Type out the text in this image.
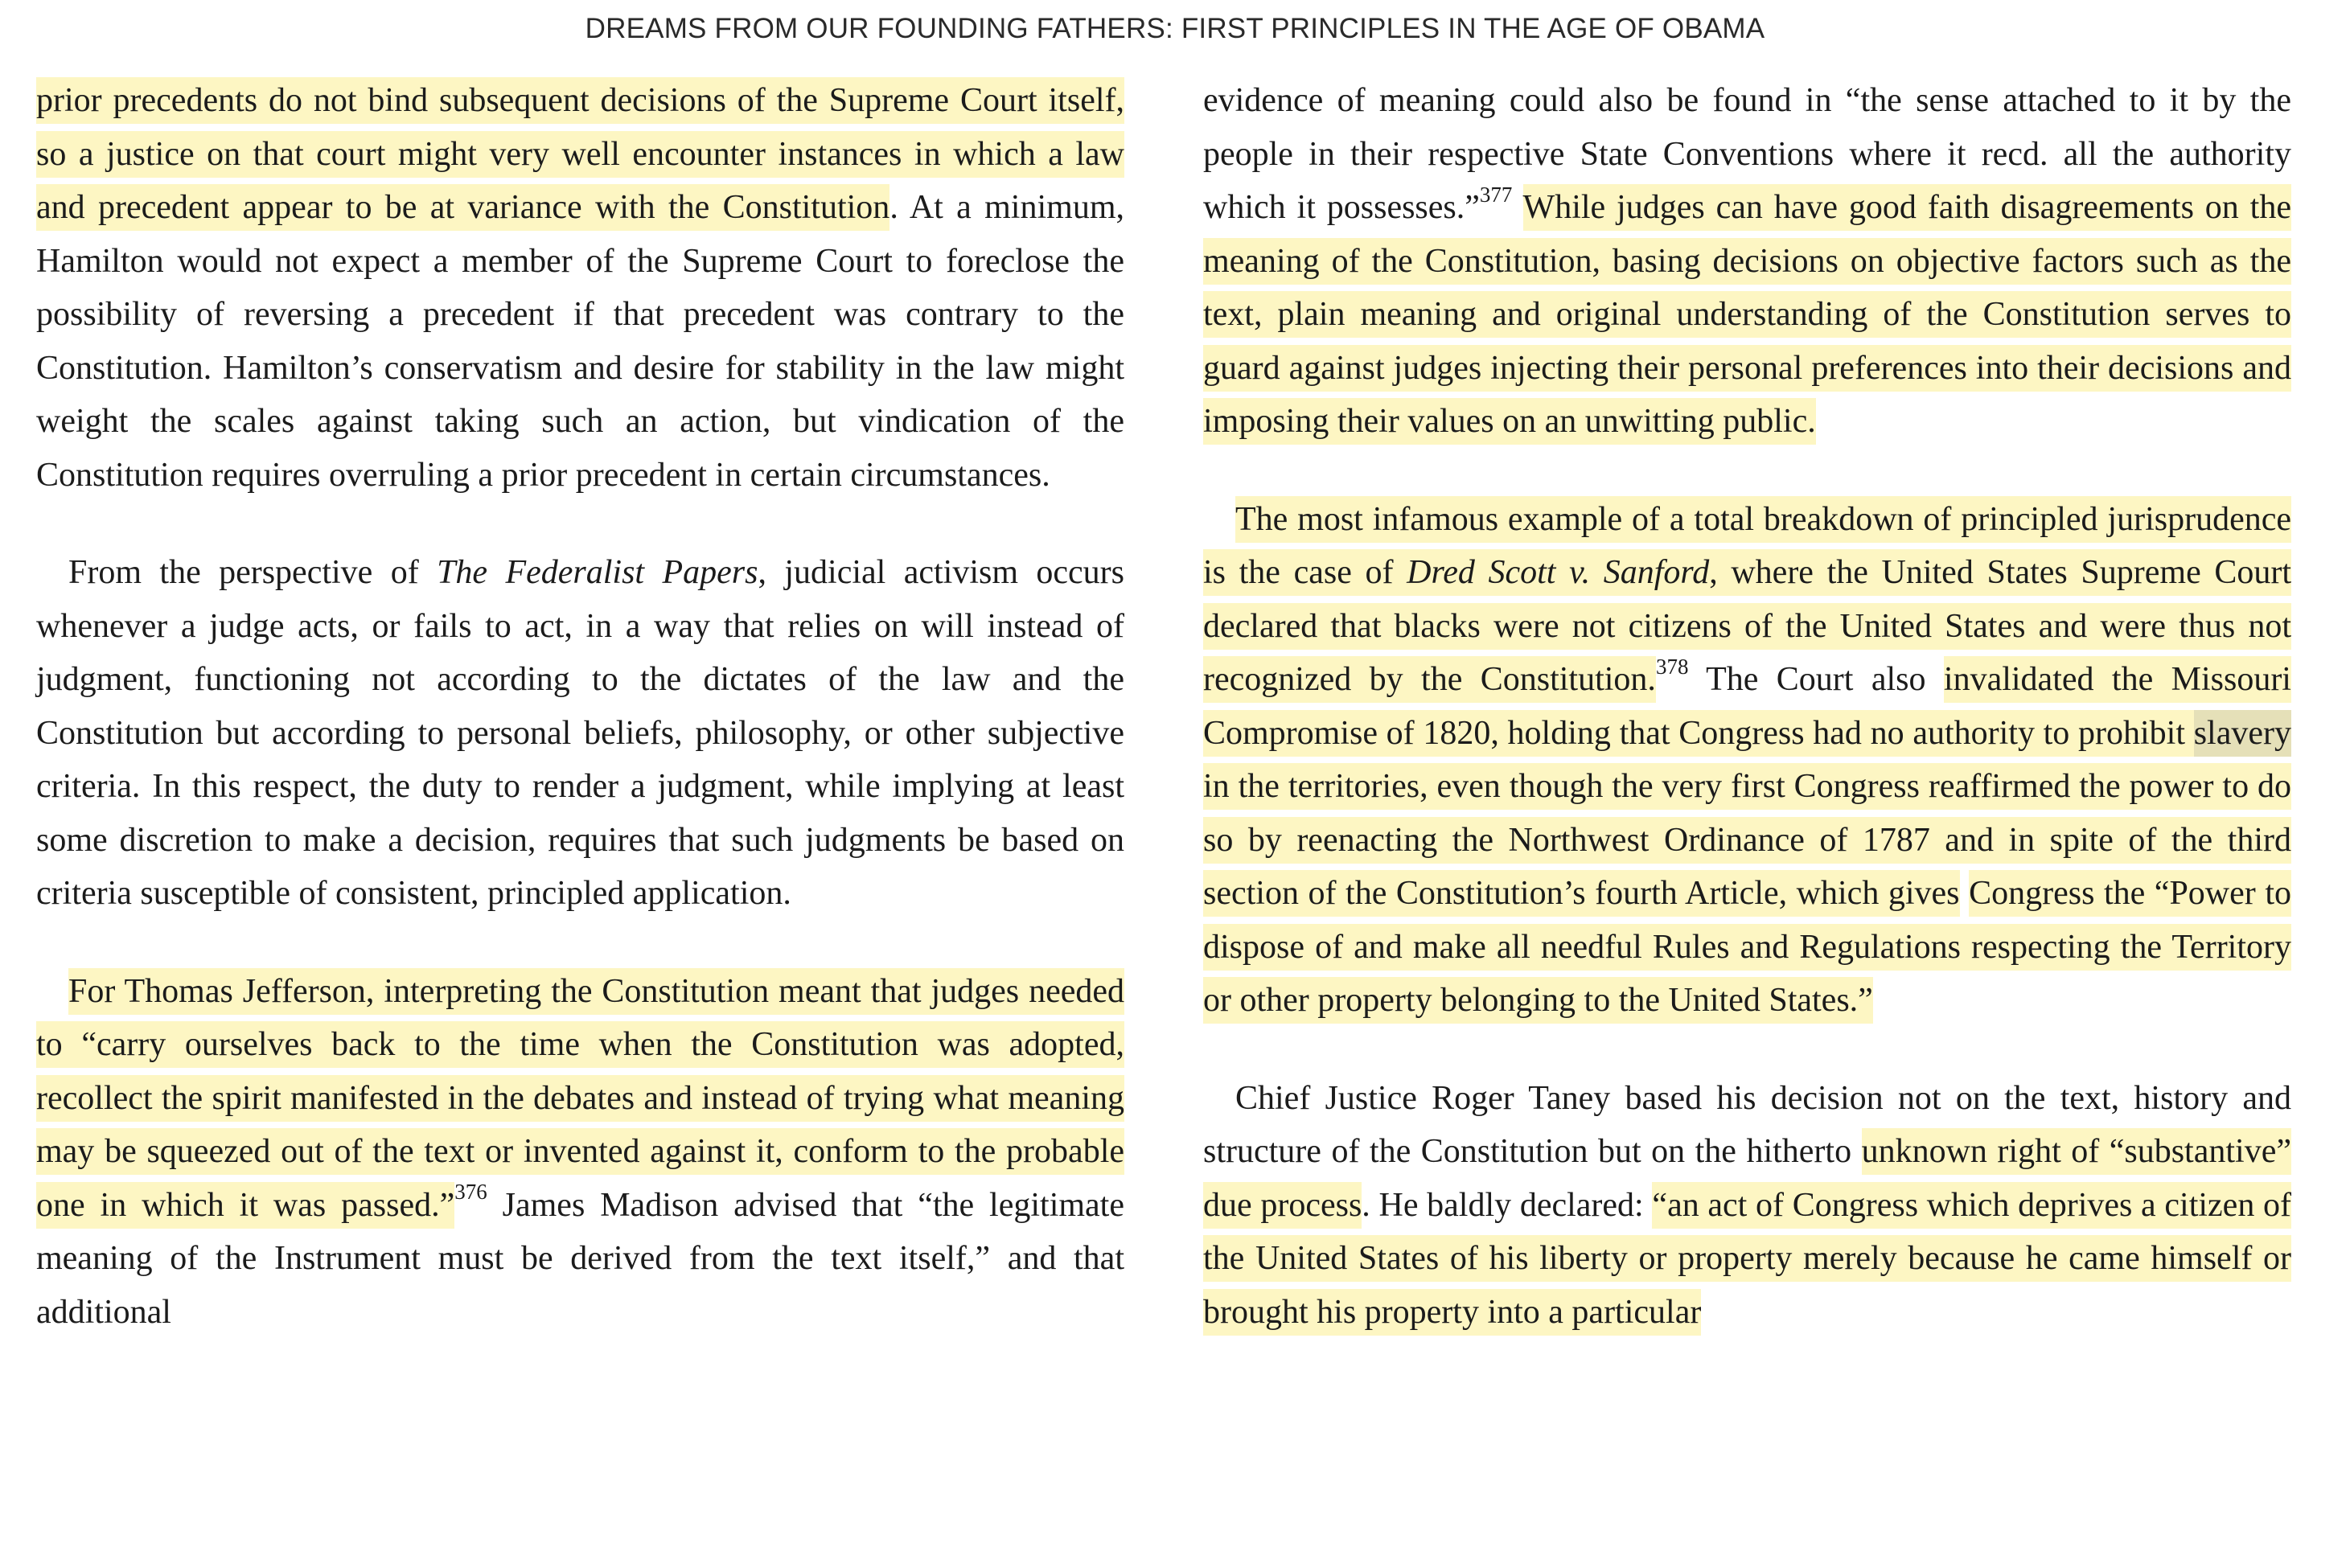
DREAMS FROM OUR FOUNDING FATHERS: FIRST PRINCIPLES IN THE AGE OF OBAMA

prior precedents do not bind subsequent decisions of the Supreme Court itself, so a justice on that court might very well encounter instances in which a law and precedent appear to be at variance with the Constitution. At a minimum, Hamilton would not expect a member of the Supreme Court to foreclose the possibility of reversing a precedent if that precedent was contrary to the Constitution. Hamilton’s conservatism and desire for stability in the law might weight the scales against taking such an action, but vindication of the Constitution requires overruling a prior precedent in certain circumstances.

From the perspective of The Federalist Papers, judicial activism occurs whenever a judge acts, or fails to act, in a way that relies on will instead of judgment, functioning not according to the dictates of the law and the Constitution but according to personal beliefs, philosophy, or other subjective criteria. In this respect, the duty to render a judgment, while implying at least some discretion to make a decision, requires that such judgments be based on criteria susceptible of consistent, principled application.

For Thomas Jefferson, interpreting the Constitution meant that judges needed to “carry ourselves back to the time when the Constitution was adopted, recollect the spirit manifested in the debates and instead of trying what meaning may be squeezed out of the text or invented against it, conform to the probable one in which it was passed.”$^{376}$ James Madison advised that “the legitimate meaning of the Instrument must be derived from the text itself,” and that additional

evidence of meaning could also be found in “the sense attached to it by the people in their respective State Conventions where it recd. all the authority which it possesses.”$^{377}$ While judges can have good faith disagreements on the meaning of the Constitution, basing decisions on objective factors such as the text, plain meaning and original understanding of the Constitution serves to guard against judges injecting their personal preferences into their decisions and imposing their values on an unwitting public.

The most infamous example of a total breakdown of principled jurisprudence is the case of Dred Scott v. Sanford, where the United States Supreme Court declared that blacks were not citizens of the United States and were thus not recognized by the Constitution.$^{378}$ The Court also invalidated the Missouri Compromise of 1820, holding that Congress had no authority to prohibit slavery in the territories, even though the very first Congress reaffirmed the power to do so by reenacting the Northwest Ordinance of 1787 and in spite of the third section of the Constitution’s fourth Article, which gives Congress the “Power to dispose of and make all needful Rules and Regulations respecting the Territory or other property belonging to the United States.”

Chief Justice Roger Taney based his decision not on the text, history and structure of the Constitution but on the hitherto unknown right of “substantive” due process. He baldly declared: “an act of Congress which deprives a citizen of the United States of his liberty or property merely because he came himself or brought his property into a particular
